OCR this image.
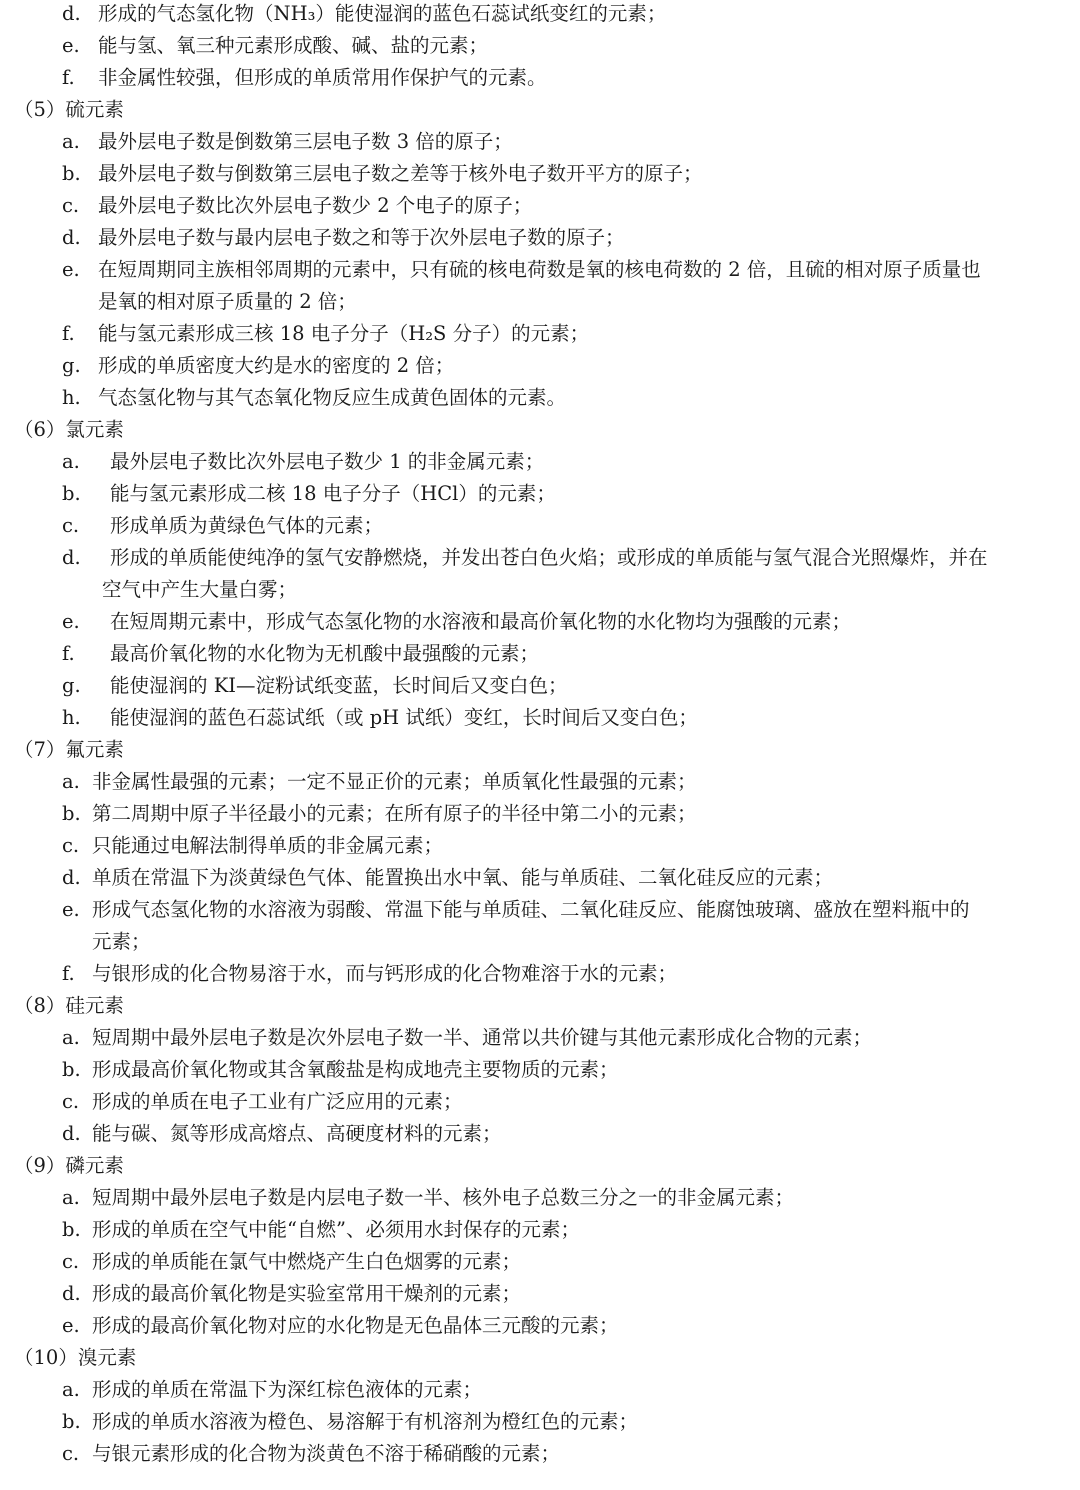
d. 形成的气态氢化物（NH₃）能使湿润的蓝色石蕊试纸变红的元素；
e. 能与氢、氧三种元素形成酸、碱、盐的元素；
f.	非金属性较强，但形成的单质常用作保护气的元素。
（5）硫元素
a. 最外层电子数是倒数第三层电子数 3 倍的原子；
b. 最外层电子数与倒数第三层电子数之差等于核外电子数开平方的原子；
c. 最外层电子数比次外层电子数少 2 个电子的原子；
d. 最外层电子数与最内层电子数之和等于次外层电子数的原子；
e. 在短周期同主族相邻周期的元素中，只有硫的核电荷数是氧的核电荷数的 2 倍，且硫的相对原子质量也
是氧的相对原子质量的 2 倍；
f.	能与氢元素形成三核 18 电子分子（H₂S 分子）的元素；
g. 形成的单质密度大约是水的密度的 2 倍；
h. 气态氢化物与其气态氧化物反应生成黄色固体的元素。
（6）氯元素
a.	最外层电子数比次外层电子数少 1 的非金属元素；
b.	能与氢元素形成二核 18 电子分子（HCl）的元素；
c.	形成单质为黄绿色气体的元素；
d.	形成的单质能使纯净的氢气安静燃烧，并发出苍白色火焰；或形成的单质能与氢气混合光照爆炸，并在
空气中产生大量白雾；
e.	在短周期元素中，形成气态氢化物的水溶液和最高价氧化物的水化物均为强酸的元素；
f.	最高价氧化物的水化物为无机酸中最强酸的元素；
g.	能使湿润的 KI—淀粉试纸变蓝，长时间后又变白色；
h.	能使湿润的蓝色石蕊试纸（或 pH 试纸）变红，长时间后又变白色；
（7）氟元素
a. 非金属性最强的元素；一定不显正价的元素；单质氧化性最强的元素；
b. 第二周期中原子半径最小的元素；在所有原子的半径中第二小的元素；
c. 只能通过电解法制得单质的非金属元素；
d. 单质在常温下为淡黄绿色气体、能置换出水中氧、能与单质硅、二氧化硅反应的元素；
e. 形成气态氢化物的水溶液为弱酸、常温下能与单质硅、二氧化硅反应、能腐蚀玻璃、盛放在塑料瓶中的
元素；
f. 与银形成的化合物易溶于水，而与钙形成的化合物难溶于水的元素；
（8）硅元素
a. 短周期中最外层电子数是次外层电子数一半、通常以共价键与其他元素形成化合物的元素；
b. 形成最高价氧化物或其含氧酸盐是构成地壳主要物质的元素；
c. 形成的单质在电子工业有广泛应用的元素；
d. 能与碳、氮等形成高熔点、高硬度材料的元素；
（9）磷元素
a. 短周期中最外层电子数是内层电子数一半、核外电子总数三分之一的非金属元素；
b. 形成的单质在空气中能“自燃”、必须用水封保存的元素；
c. 形成的单质能在氯气中燃烧产生白色烟雾的元素；
d. 形成的最高价氧化物是实验室常用干燥剂的元素；
e. 形成的最高价氧化物对应的水化物是无色晶体三元酸的元素；
（10）溴元素
a. 形成的单质在常温下为深红棕色液体的元素；
b. 形成的单质水溶液为橙色、易溶解于有机溶剂为橙红色的元素；
c. 与银元素形成的化合物为淡黄色不溶于稀硝酸的元素；
